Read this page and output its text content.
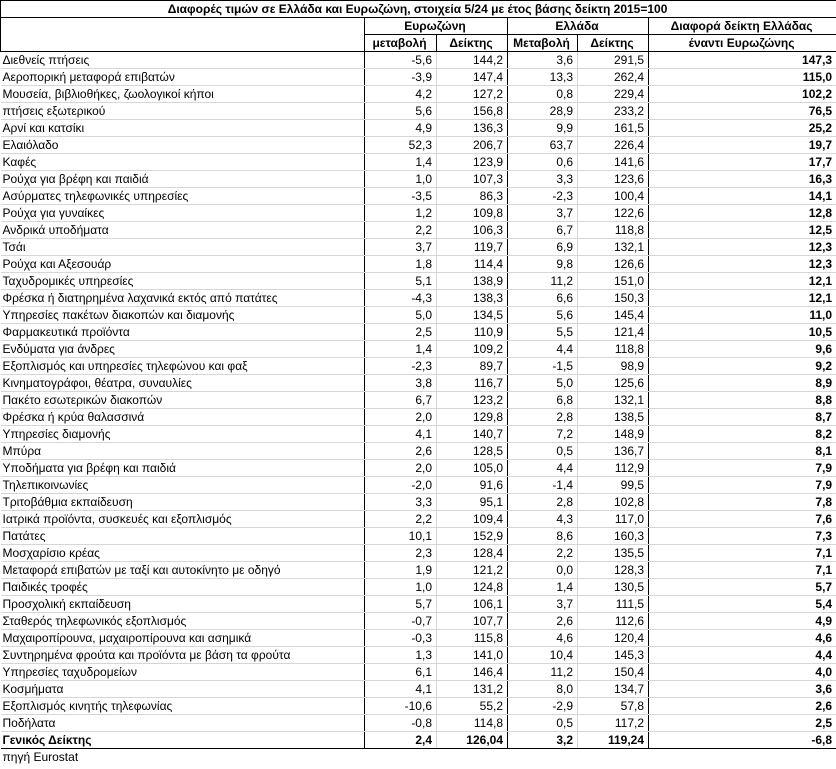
Διαφορές τιμών σε Ελλάδα και Ευρωζώνη, στοιχεία 5/24 με έτος βάσης δείκτη 2015=100					
	Ευρωζώνη		Ελλάδα		Διαφορά δείκτη Ελλάδας
	μεταβολή	Δείκτης	Μεταβολή	Δείκτης	έναντι Ευρωζώνης
Διεθνείς πτήσεις	-5,6	144,2	3,6	291,5	147,3
Αεροπορική μεταφορά επιβατών	-3,9	147,4	13,3	262,4	115,0
Μουσεία, βιβλιοθήκες, ζωολογικοί κήποι	4,2	127,2	0,8	229,4	102,2
πτήσεις εξωτερικού	5,6	156,8	28,9	233,2	76,5
Αρνί και κατσίκι	4,9	136,3	9,9	161,5	25,2
Ελαιόλαδο	52,3	206,7	63,7	226,4	19,7
Καφές	1,4	123,9	0,6	141,6	17,7
Ρούχα για βρέφη και παιδιά	1,0	107,3	3,3	123,6	16,3
Ασύρματες τηλεφωνικές υπηρεσίες	-3,5	86,3	-2,3	100,4	14,1
Ρούχα για γυναίκες	1,2	109,8	3,7	122,6	12,8
Ανδρικά υποδήματα	2,2	106,3	6,7	118,8	12,5
Τσάι	3,7	119,7	6,9	132,1	12,3
Ρούχα και Αξεσουάρ	1,8	114,4	9,8	126,6	12,3
Ταχυδρομικές υπηρεσίες	5,1	138,9	11,2	151,0	12,1
Φρέσκα ή διατηρημένα λαχανικά εκτός από πατάτες	-4,3	138,3	6,6	150,3	12,1
Υπηρεσίες πακέτων διακοπών και διαμονής	5,0	134,5	5,6	145,4	11,0
Φαρμακευτικά προϊόντα	2,5	110,9	5,5	121,4	10,5
Ενδύματα για άνδρες	1,4	109,2	4,4	118,8	9,6
Εξοπλισμός και υπηρεσίες τηλεφώνου και φαξ	-2,3	89,7	-1,5	98,9	9,2
Κινηματογράφοι, θέατρα, συναυλίες	3,8	116,7	5,0	125,6	8,9
Πακέτο εσωτερικών διακοπών	6,7	123,2	6,8	132,1	8,8
Φρέσκα ή κρύα θαλασσινά	2,0	129,8	2,8	138,5	8,7
Υπηρεσίες διαμονής	4,1	140,7	7,2	148,9	8,2
Μπύρα	2,6	128,5	0,5	136,7	8,1
Υποδήματα για βρέφη και παιδιά	2,0	105,0	4,4	112,9	7,9
Τηλεπικοινωνίες	-2,0	91,6	-1,4	99,5	7,9
Τριτοβάθμια εκπαίδευση	3,3	95,1	2,8	102,8	7,8
Ιατρικά προϊόντα, συσκευές και εξοπλισμός	2,2	109,4	4,3	117,0	7,6
Πατάτες	10,1	152,9	8,6	160,3	7,3
Μοσχαρίσιο κρέας	2,3	128,4	2,2	135,5	7,1
Μεταφορά επιβατών με ταξί και αυτοκίνητο με οδηγό	1,9	121,2	0,0	128,3	7,1
Παιδικές τροφές	1,0	124,8	1,4	130,5	5,7
Προσχολική εκπαίδευση	5,7	106,1	3,7	111,5	5,4
Σταθερός τηλεφωνικός εξοπλισμός	-0,7	107,7	2,6	112,6	4,9
Μαχαιροπίρουνα, μαχαιροπίρουνα και ασημικά	-0,3	115,8	4,6	120,4	4,6
Συντηρημένα φρούτα και προϊόντα με βάση τα φρούτα	1,3	141,0	10,4	145,3	4,4
Υπηρεσίες ταχυδρομείων	6,1	146,4	11,2	150,4	4,0
Κοσμήματα	4,1	131,2	8,0	134,7	3,6
Εξοπλισμός κινητής τηλεφωνίας	-10,6	55,2	-2,9	57,8	2,6
Ποδήλατα	-0,8	114,8	0,5	117,2	2,5
Γενικός Δείκτης	2,4	126,04	3,2	119,24	-6,8
πηγή Eurostat					
